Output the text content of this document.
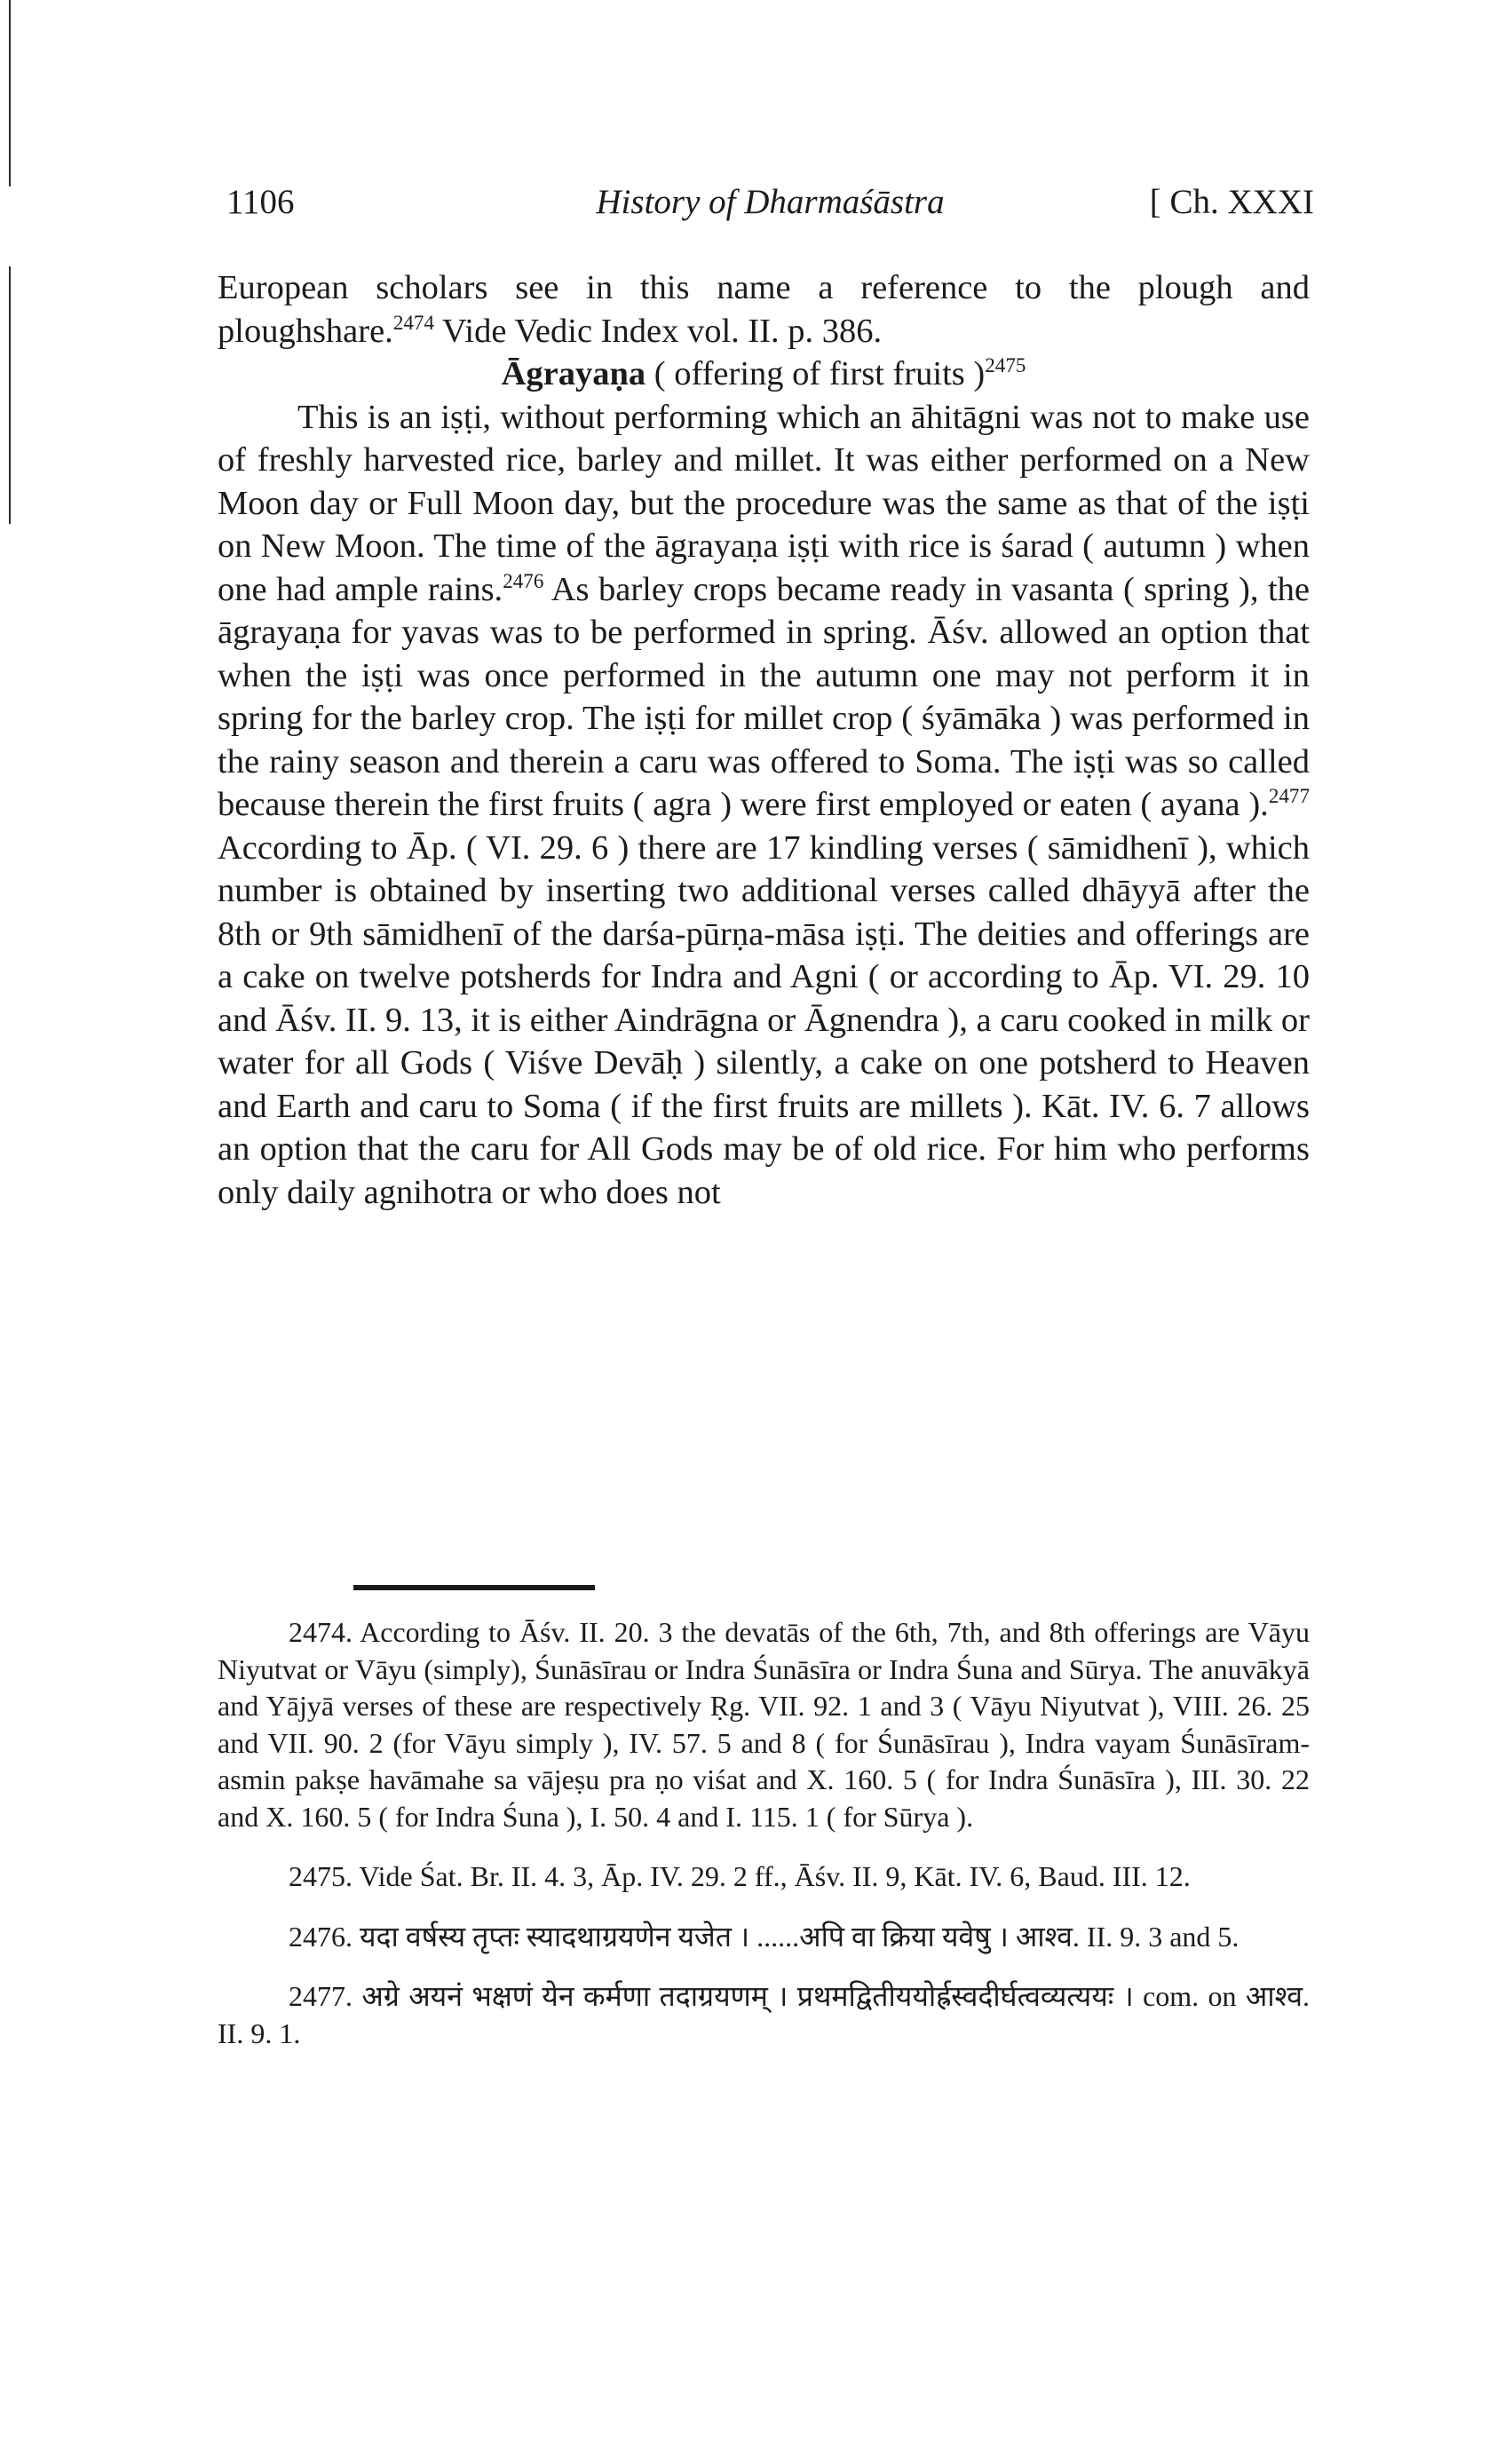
1106	History of Dharmaśāstra	[ Ch. XXXI

European scholars see in this name a reference to the plough and ploughshare.$^{2474}$ Vide Vedic Index vol. II. p. 386.

Āgrayaṇa ( offering of first fruits )$^{2475}$

This is an iṣṭi, without performing which an āhitāgni was not to make use of freshly harvested rice, barley and millet. It was either performed on a New Moon day or Full Moon day, but the procedure was the same as that of the iṣṭi on New Moon. The time of the āgrayaṇa iṣṭi with rice is śarad ( autumn ) when one had ample rains.$^{2476}$ As barley crops became ready in vasanta ( spring ), the āgrayaṇa for yavas was to be performed in spring. Āśv. allowed an option that when the iṣṭi was once performed in the autumn one may not perform it in spring for the barley crop. The iṣṭi for millet crop ( śyāmāka ) was performed in the rainy season and therein a caru was offered to Soma. The iṣṭi was so called because therein the first fruits ( agra ) were first employed or eaten ( ayana ).$^{2477}$ According to Āp. ( VI. 29. 6 ) there are 17 kindling verses ( sāmidhenī ), which number is obtained by inserting two additional verses called dhāyyā after the 8th or 9th sāmidhenī of the darśa-pūrṇa-māsa iṣṭi. The deities and offerings are a cake on twelve potsherds for Indra and Agni ( or according to Āp. VI. 29. 10 and Āśv. II. 9. 13, it is either Aindrāgna or Āgnendra ), a caru cooked in milk or water for all Gods ( Viśve Devāḥ ) silently, a cake on one potsherd to Heaven and Earth and caru to Soma ( if the first fruits are millets ). Kāt. IV. 6. 7 allows an option that the caru for All Gods may be of old rice. For him who performs only daily agnihotra or who does not

2474. According to Āśv. II. 20. 3 the devatās of the 6th, 7th, and 8th offerings are Vāyu Niyutvat or Vāyu (simply), Śunāsīrau or Indra Śunāsīra or Indra Śuna and Sūrya. The anuvākyā and Yājyā verses of these are respectively Ṛg. VII. 92. 1 and 3 ( Vāyu Niyutvat ), VIII. 26. 25 and VII. 90. 2 (for Vāyu simply ), IV. 57. 5 and 8 ( for Śunāsīrau ), Indra vayam Śunāsīram-asmin pakṣe havāmahe sa vājeṣu pra ṇo viśat and X. 160. 5 ( for Indra Śunāsīra ), III. 30. 22 and X. 160. 5 ( for Indra Śuna ), I. 50. 4 and I. 115. 1 ( for Sūrya ).

2475. Vide Śat. Br. II. 4. 3, Āp. IV. 29. 2 ff., Āśv. II. 9, Kāt. IV. 6, Baud. III. 12.

2476. यदा वर्षस्य तृप्तः स्यादथाग्रयणेन यजेत । ......अपि वा क्रिया यवेषु । आश्व. II. 9. 3 and 5.

2477. अग्रे अयनं भक्षणं येन कर्मणा तदाग्रयणम् । प्रथमद्वितीययोर्ह्रस्वदीर्घत्वव्यत्ययः । com. on आश्व. II. 9. 1.
